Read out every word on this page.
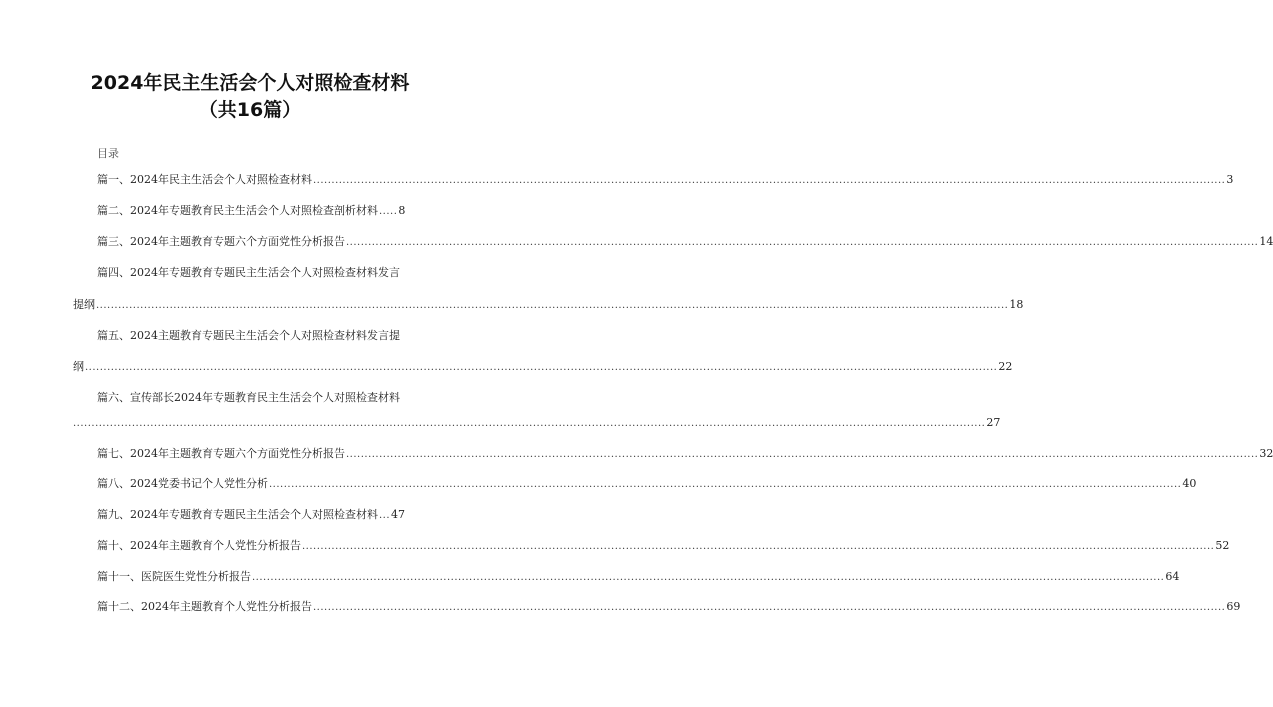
2024年民主生活会个人对照检查材料（共16篇）
目录
篇一、2024年民主生活会个人对照检查材料 ........................................................................................................................................................................................................................................................ 3
篇二、2024年专题教育民主生活会个人对照检查剖析材料 ..... 8
篇三、2024年主题教育专题六个方面党性分析报告 ........................................................................................................................................................................................................................................................ 14
篇四、2024年专题教育专题民主生活会个人对照检查材料发言
提纲 ........................................................................................................................................................................................................................................................ 18
篇五、2024主题教育专题民主生活会个人对照检查材料发言提
纲 ........................................................................................................................................................................................................................................................ 22
篇六、宣传部长2024年专题教育民主生活会个人对照检查材料
........................................................................................................................................................................................................................................................ 27
篇七、2024年主题教育专题六个方面党性分析报告 ........................................................................................................................................................................................................................................................ 32
篇八、2024党委书记个人党性分析 ........................................................................................................................................................................................................................................................ 40
篇九、2024年专题教育专题民主生活会个人对照检查材料 ... 47
篇十、2024年主题教育个人党性分析报告 ........................................................................................................................................................................................................................................................ 52
篇十一、医院医生党性分析报告 ........................................................................................................................................................................................................................................................ 64
篇十二、2024年主题教育个人党性分析报告 ........................................................................................................................................................................................................................................................ 69
